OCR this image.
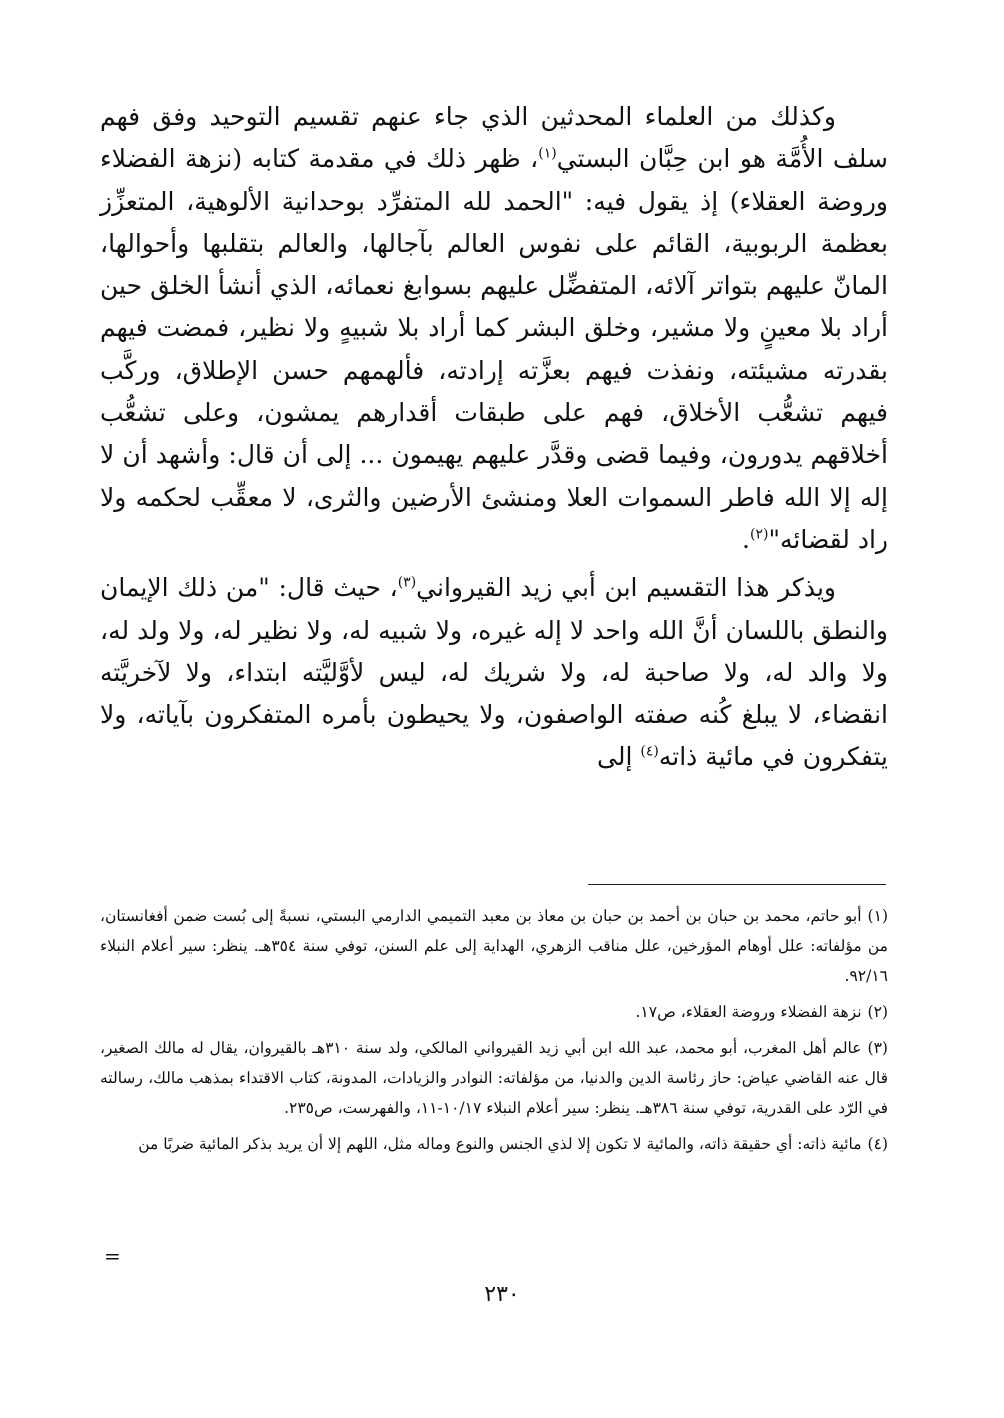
وكذلك من العلماء المحدثين الذي جاء عنهم تقسيم التوحيد وفق فهم سلف الأُمَّة هو ابن حِبَّان البستي$^{(١)}$، ظهر ذلك في مقدمة كتابه (نزهة الفضلاء وروضة العقلاء) إذ يقول فيه: "الحمد لله المتفرِّد بوحدانية الألوهية، المتعزِّز بعظمة الربوبية، القائم على نفوس العالم بآجالها، والعالم بتقلبها وأحوالها، المانّ عليهم بتواتر آلائه، المتفضِّل عليهم بسوابغ نعمائه، الذي أنشأ الخلق حين أراد بلا معينٍ ولا مشير، وخلق البشر كما أراد بلا شبيهٍ ولا نظير، فمضت فيهم بقدرته مشيئته، ونفذت فيهم بعزَّته إرادته، فألهمهم حسن الإطلاق، وركَّب فيهم تشعُّب الأخلاق، فهم على طبقات أقدارهم يمشون، وعلى تشعُّب أخلاقهم يدورون، وفيما قضى وقدَّر عليهم يهيمون ... إلى أن قال: وأشهد أن لا إله إلا الله فاطر السموات العلا ومنشئ الأرضين والثرى، لا معقِّب لحكمه ولا راد لقضائه"$^{(٢)}$.

ويذكر هذا التقسيم ابن أبي زيد القيرواني$^{(٣)}$، حيث قال: "من ذلك الإيمان والنطق باللسان أنَّ الله واحد لا إله غيره، ولا شبيه له، ولا نظير له، ولا ولد له، ولا والد له، ولا صاحبة له، ولا شريك له، ليس لأوَّليَّته ابتداء، ولا لآخريَّته انقضاء، لا يبلغ كُنه صفته الواصفون، ولا يحيطون بأمره المتفكرون بآياته، ولا يتفكرون في مائية ذاته$^{(٤)}$ إلى

(١)أبو حاتم، محمد بن حبان بن أحمد بن حبان بن معاذ بن معبد التميمي الدارمي البستي، نسبةً إلى بُست ضمن أفغانستان، من مؤلفاته: علل أوهام المؤرخين، علل مناقب الزهري، الهداية إلى علم السنن، توفي سنة ٣٥٤هـ. ينظر: سير أعلام النبلاء ٩٢/١٦.

(٢)نزهة الفضلاء وروضة العقلاء، ص١٧.

(٣)عالم أهل المغرب، أبو محمد، عبد الله ابن أبي زيد القيرواني المالكي، ولد سنة ٣١٠هـ بالقيروان، يقال له مالك الصغير، قال عنه القاضي عياض: حاز رئاسة الدين والدنيا، من مؤلفاته: النوادر والزيادات، المدونة، كتاب الاقتداء بمذهب مالك، رسالته في الرّد على القدرية، توفي سنة ٣٨٦هـ. ينظر: سير أعلام النبلاء ١٠/١٧-١١، والفهرست، ص٢٣٥.

(٤)مائية ذاته: أي حقيقة ذاته، والمائية لا تكون إلا لذي الجنس والنوع وماله مثل، اللهم إلا أن يريد بذكر المائية ضربًا من

=
٢٣٠
